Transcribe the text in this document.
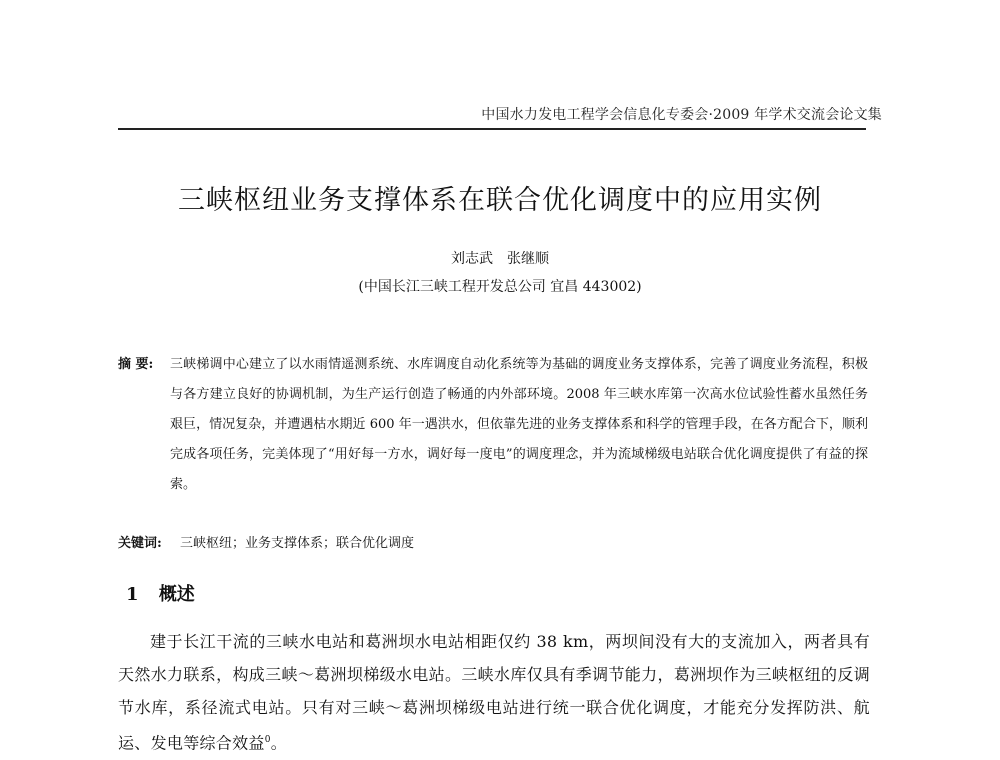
中国水力发电工程学会信息化专委会·2009 年学术交流会论文集
三峡枢纽业务支撑体系在联合优化调度中的应用实例
刘志武　张继顺
(中国长江三峡工程开发总公司 宜昌 443002)
摘 要:	三峡梯调中心建立了以水雨情遥测系统、水库调度自动化系统等为基础的调度业务支撑体系，完善了调度业务流程，积极与各方建立良好的协调机制，为生产运行创造了畅通的内外部环境。2008 年三峡水库第一次高水位试验性蓄水虽然任务艰巨，情况复杂，并遭遇枯水期近 600 年一遇洪水，但依靠先进的业务支撑体系和科学的管理手段，在各方配合下，顺利完成各项任务，完美体现了“用好每一方水，调好每一度电”的调度理念，并为流域梯级电站联合优化调度提供了有益的探索。
关键词: 三峡枢纽；业务支撑体系；联合优化调度
1 概述
建于长江干流的三峡水电站和葛洲坝水电站相距仅约 38 km，两坝间没有大的支流加入，两者具有天然水力联系，构成三峡～葛洲坝梯级水电站。三峡水库仅具有季调节能力，葛洲坝作为三峡枢纽的反调节水库，系径流式电站。只有对三峡～葛洲坝梯级电站进行统一联合优化调度，才能充分发挥防洪、航运、发电等综合效益$^0$。
